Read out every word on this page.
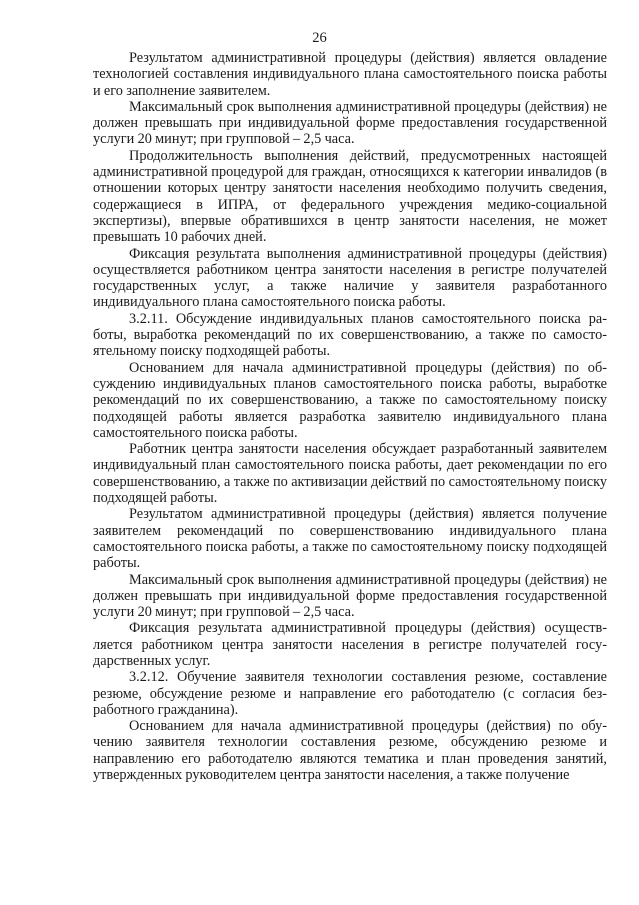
26

Результатом административной процедуры (действия) является овладение технологией составления индивидуального плана самостоятельного поиска работы и его заполнение заявителем.

Максимальный срок выполнения административной процедуры (действия) не должен превышать при индивидуальной форме предоставления государственной услуги 20 минут; при групповой – 2,5 часа.

Продолжительность выполнения действий, предусмотренных настоящей административной процедурой для граждан, относящихся к категории инвалидов (в отношении которых центру занятости населения необходимо получить сведения, содержащиеся в ИПРА, от федерального учреждения медико-социальной экспертизы), впервые обратившихся в центр занятости населения, не может превышать 10 рабочих дней.

Фиксация результата выполнения административной процедуры (действия) осуществляется работником центра занятости населения в регистре получателей государственных услуг, а также наличие у заявителя разработанного индивидуального плана самостоятельного поиска работы.

3.2.11. Обсуждение индивидуальных планов самостоятельного поиска работы, выработка рекомендаций по их совершенствованию, а также по самостоятельному поиску подходящей работы.

Основанием для начала административной процедуры (действия) по обсуждению индивидуальных планов самостоятельного поиска работы, выработке рекомендаций по их совершенствованию, а также по самостоятельному поиску подходящей работы является разработка заявителю индивидуального плана самостоятельного поиска работы.

Работник центра занятости населения обсуждает разработанный заявителем индивидуальный план самостоятельного поиска работы, дает рекомендации по его совершенствованию, а также по активизации действий по самостоятельному поиску подходящей работы.

Результатом административной процедуры (действия) является получение заявителем рекомендаций по совершенствованию индивидуального плана самостоятельного поиска работы, а также по самостоятельному поиску подходящей работы.

Максимальный срок выполнения административной процедуры (действия) не должен превышать при индивидуальной форме предоставления государственной услуги 20 минут; при групповой – 2,5 часа.

Фиксация результата административной процедуры (действия) осуществляется работником центра занятости населения в регистре получателей государственных услуг.

3.2.12. Обучение заявителя технологии составления резюме, составление резюме, обсуждение резюме и направление его работодателю (с согласия безработного гражданина).

Основанием для начала административной процедуры (действия) по обучению заявителя технологии составления резюме, обсуждению резюме и направлению его работодателю являются тематика и план проведения занятий, утвержденных руководителем центра занятости населения, а также получение
